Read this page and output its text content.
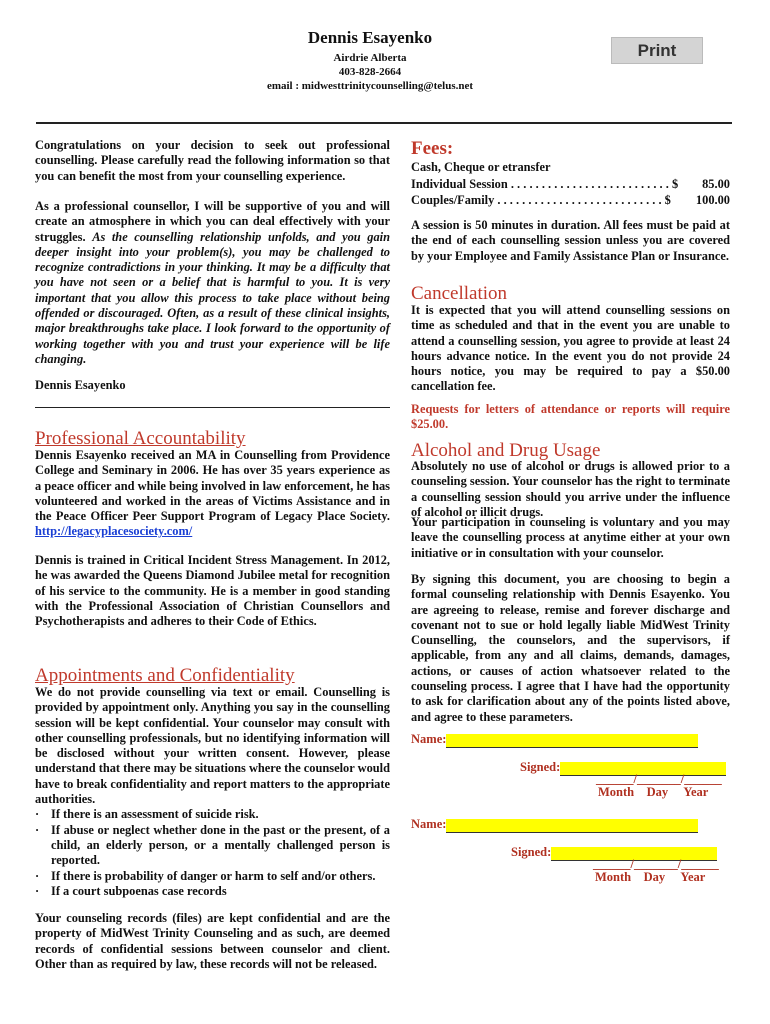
Dennis Esayenko
Airdrie Alberta
403-828-2664
email : midwesttrinitycounselling@telus.net
Print
Congratulations on your decision to seek out professional counselling. Please carefully read the following information so that you can benefit the most from your counselling experience.
As a professional counsellor, I will be supportive of you and will create an atmosphere in which you can deal effectively with your struggles. As the counselling relationship unfolds, and you gain deeper insight into your problem(s), you may be challenged to recognize contradictions in your thinking. It may be a difficulty that you have not seen or a belief that is harmful to you. It is very important that you allow this process to take place without being offended or discouraged. Often, as a result of these clinical insights, major breakthroughs take place. I look forward to the opportunity of working together with you and trust your experience will be life changing.
Dennis Esayenko
Professional Accountability
Dennis Esayenko received an MA in Counselling from Providence College and Seminary in 2006. He has over 35 years experience as a peace officer and while being involved in law enforcement, he has volunteered and worked in the areas of Victims Assistance and in the Peace Officer Peer Support Program of Legacy Place Society. http://legacyplacesociety.com/
Dennis is trained in Critical Incident Stress Management. In 2012, he was awarded the Queens Diamond Jubilee metal for recognition of his service to the community. He is a member in good standing with the Professional Association of Christian Counsellors and Psychotherapists and adheres to their Code of Ethics.
Appointments and Confidentiality
We do not provide counselling via text or email. Counselling is provided by appointment only. Anything you say in the counselling session will be kept confidential. Your counselor may consult with other counselling professionals, but no identifying information will be disclosed without your written consent. However, please understand that there may be situations where the counselor would have to break confidentiality and report matters to the appropriate authorities.
· If there is an assessment of suicide risk.
· If abuse or neglect whether done in the past or the present, of a child, an elderly person, or a mentally challenged person is reported.
· If there is probability of danger or harm to self and/or others.
· If a court subpoenas case records
Your counseling records (files) are kept confidential and are the property of MidWest Trinity Counseling and as such, are deemed records of confidential sessions between counselor and client. Other than as required by law, these records will not be released.
Fees:
Cash, Cheque or etransfer
Individual Session . . . . . . . . . . . . . . . . . . . . . . . . . . $ 85.00
Couples/Family . . . . . . . . . . . . . . . . . . . . . . . . . . . $ 100.00
A session is 50 minutes in duration. All fees must be paid at the end of each counselling session unless you are covered by your Employee and Family Assistance Plan or Insurance.
Cancellation
It is expected that you will attend counselling sessions on time as scheduled and that in the event you are unable to attend a counselling session, you agree to provide at least 24 hours advance notice. In the event you do not provide 24 hours notice, you may be required to pay a $50.00 cancellation fee.
Requests for letters of attendance or reports will require $25.00.
Alcohol and Drug Usage
Absolutely no use of alcohol or drugs is allowed prior to a counseling session. Your counselor has the right to terminate a counselling session should you arrive under the influence of alcohol or illicit drugs.
Your participation in counseling is voluntary and you may leave the counselling process at anytime either at your own initiative or in consultation with your counselor.
By signing this document, you are choosing to begin a formal counseling relationship with Dennis Esayenko. You are agreeing to release, remise and forever discharge and covenant not to sue or hold legally liable MidWest Trinity Counselling, the counselors, and the supervisors, if applicable, from any and all claims, demands, damages, actions, or causes of action whatsoever related to the counseling process. I agree that I have had the opportunity to ask for clarification about any of the points listed above, and agree to these parameters.
Name:
Signed:
______/_______/______
Month Day Year
Name:
Signed:
______/_______/______
Month Day Year
